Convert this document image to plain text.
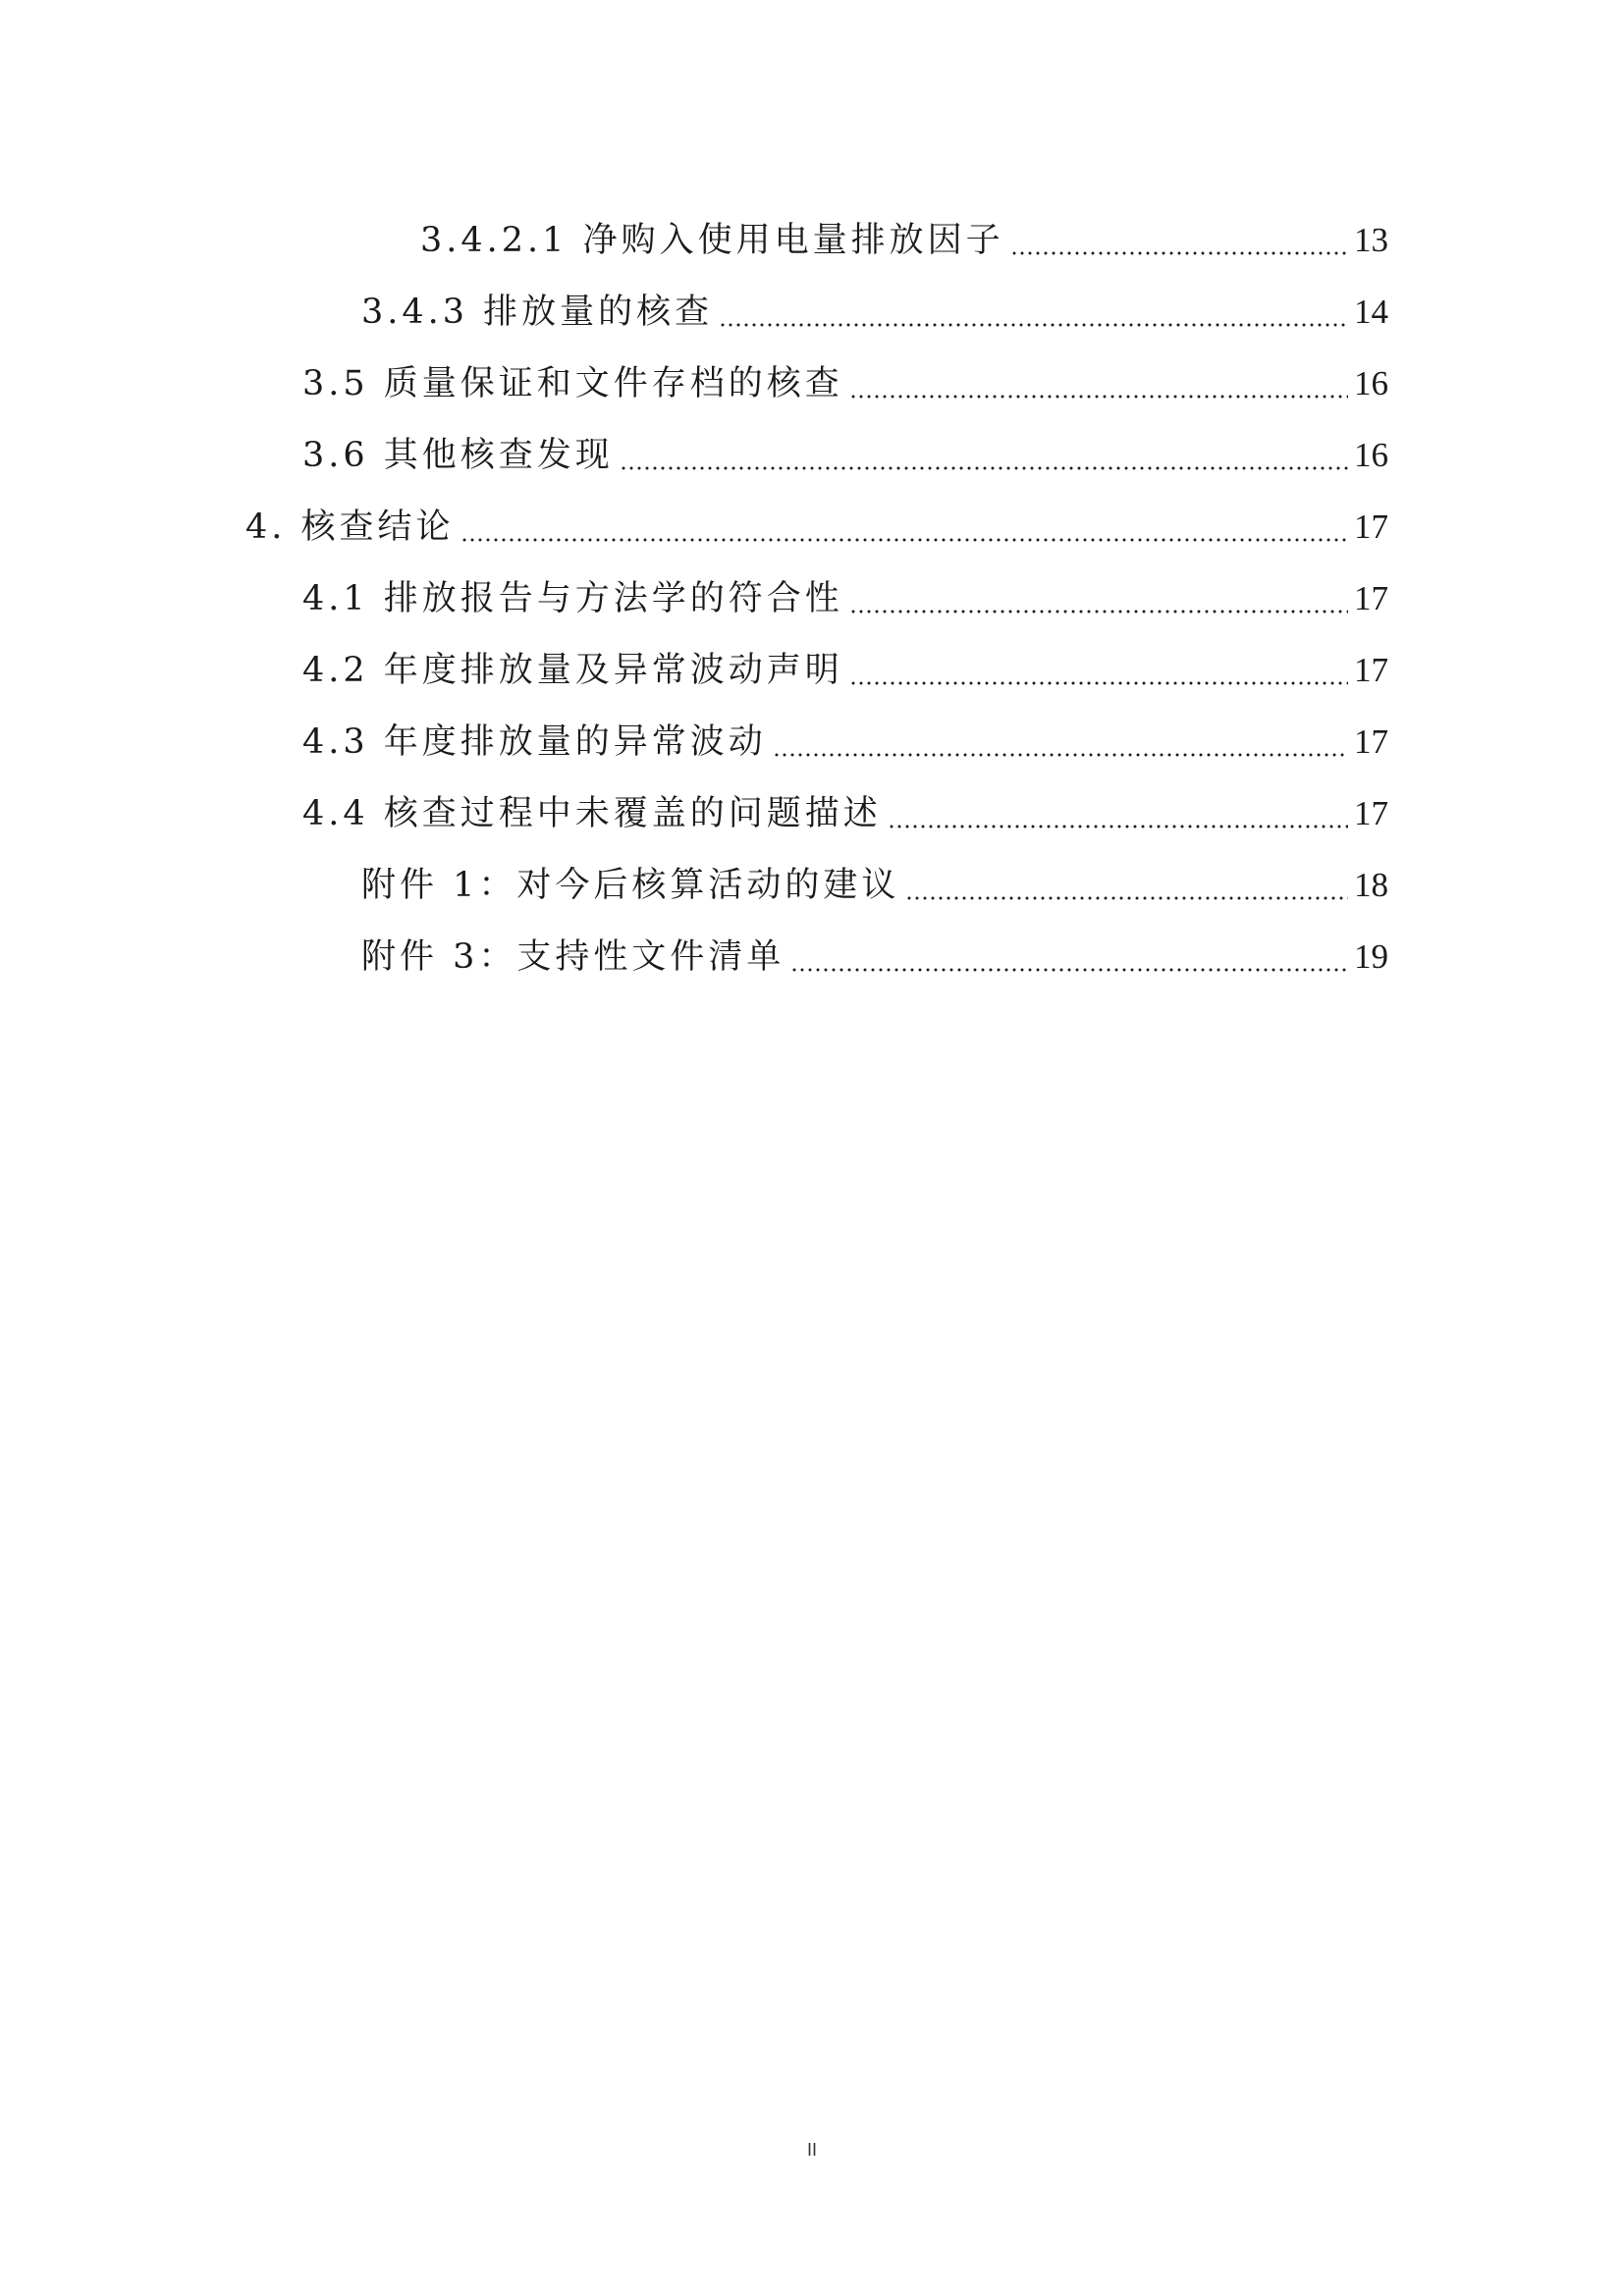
3.4.2.1 净购入使用电量排放因子	13
3.4.3 排放量的核查	14
3.5 质量保证和文件存档的核查	16
3.6 其他核查发现	16
4. 核查结论	17
4.1 排放报告与方法学的符合性	17
4.2 年度排放量及异常波动声明	17
4.3 年度排放量的异常波动	17
4.4 核查过程中未覆盖的问题描述	17
附件 1：对今后核算活动的建议	18
附件 3：支持性文件清单	19
II
